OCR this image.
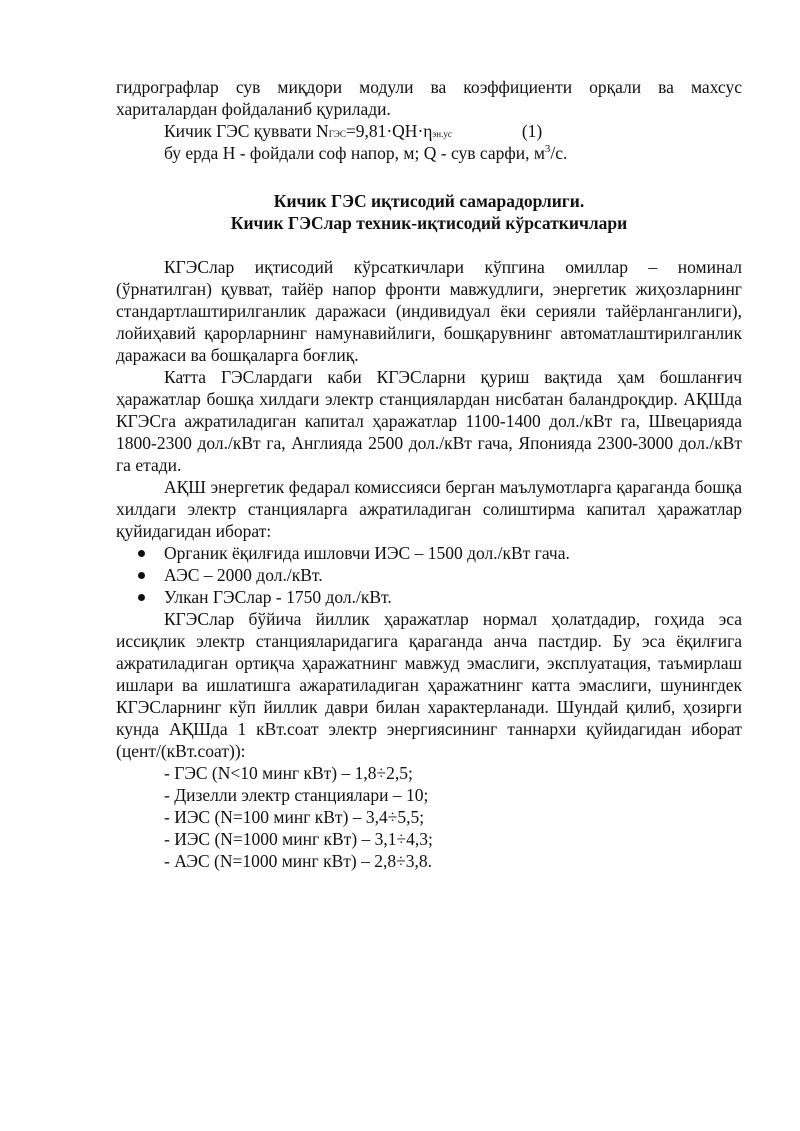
гидрографлар сув миқдори модули ва коэффициенти орқали ва махсус

хариталардан фойдаланиб қурилади.

Кичик ГЭС қуввати NГЭС=9,81·QH·ηэн.ус	(1)

бу ерда H - фойдали соф напор, м; Q - сув сарфи, $м^3/с$.

Кичик ГЭС иқтисодий самарадорлиги.

Кичик ГЭСлар техник-иқтисодий кўрсаткичлари

КГЭСлар иқтисодий кўрсаткичлари кўпгина омиллар – номинал (ўрнатилган) қувват, тайёр напор фронти мавжудлиги, энергетик жиҳозларнинг стандартлаштирилганлик даражаси (индивидуал ёки серияли тайёрланганлиги), лойиҳавий қарорларнинг намунавийлиги, бошқарувнинг автоматлаштирилганлик даражаси ва бошқаларга боғлиқ.

Катта ГЭСлардаги каби КГЭСларни қуриш вақтида ҳам бошланғич ҳаражатлар бошқа хилдаги электр станциялардан нисбатан баландроқдир. АҚШда КГЭСга ажратиладиган капитал ҳаражатлар 1100-1400 дол./кВт га, Швецарияда 1800-2300 дол./кВт га, Англияда 2500 дол./кВт гача, Японияда 2300-3000 дол./кВт га етади.

АҚШ энергетик федарал комиссияси берган маълумотларга қараганда бошқа хилдаги электр станцияларга ажратиладиган солиштирма капитал ҳаражатлар қуйидагидан иборат:

Органик ёқилғида ишловчи ИЭС – 1500 дол./кВт гача.
АЭС – 2000 дол./кВт.
Улкан ГЭСлар - 1750 дол./кВт.

КГЭСлар бўйича йиллик ҳаражатлар нормал ҳолатдадир, гоҳида эса иссиқлик электр станцияларидагига қараганда анча пастдир. Бу эса ёқилғига ажратиладиган ортиқча ҳаражатнинг мавжуд эмаслиги, эксплуатация, таъмирлаш ишлари ва ишлатишга ажаратиладиган ҳаражатнинг катта эмаслиги, шунингдек КГЭСларнинг кўп йиллик даври билан характерланади. Шундай қилиб, ҳозирги кунда АҚШда 1 кВт.соат электр энергиясининг таннархи қуйидагидан иборат (цент/(кВт.соат)):

- ГЭС (N<10 минг кВт) – 1,8÷2,5;

- Дизелли электр станциялари – 10;

- ИЭС (N=100 минг кВт) – 3,4÷5,5;

- ИЭС (N=1000 минг кВт) – 3,1÷4,3;

- АЭС (N=1000 минг кВт) – 2,8÷3,8.
